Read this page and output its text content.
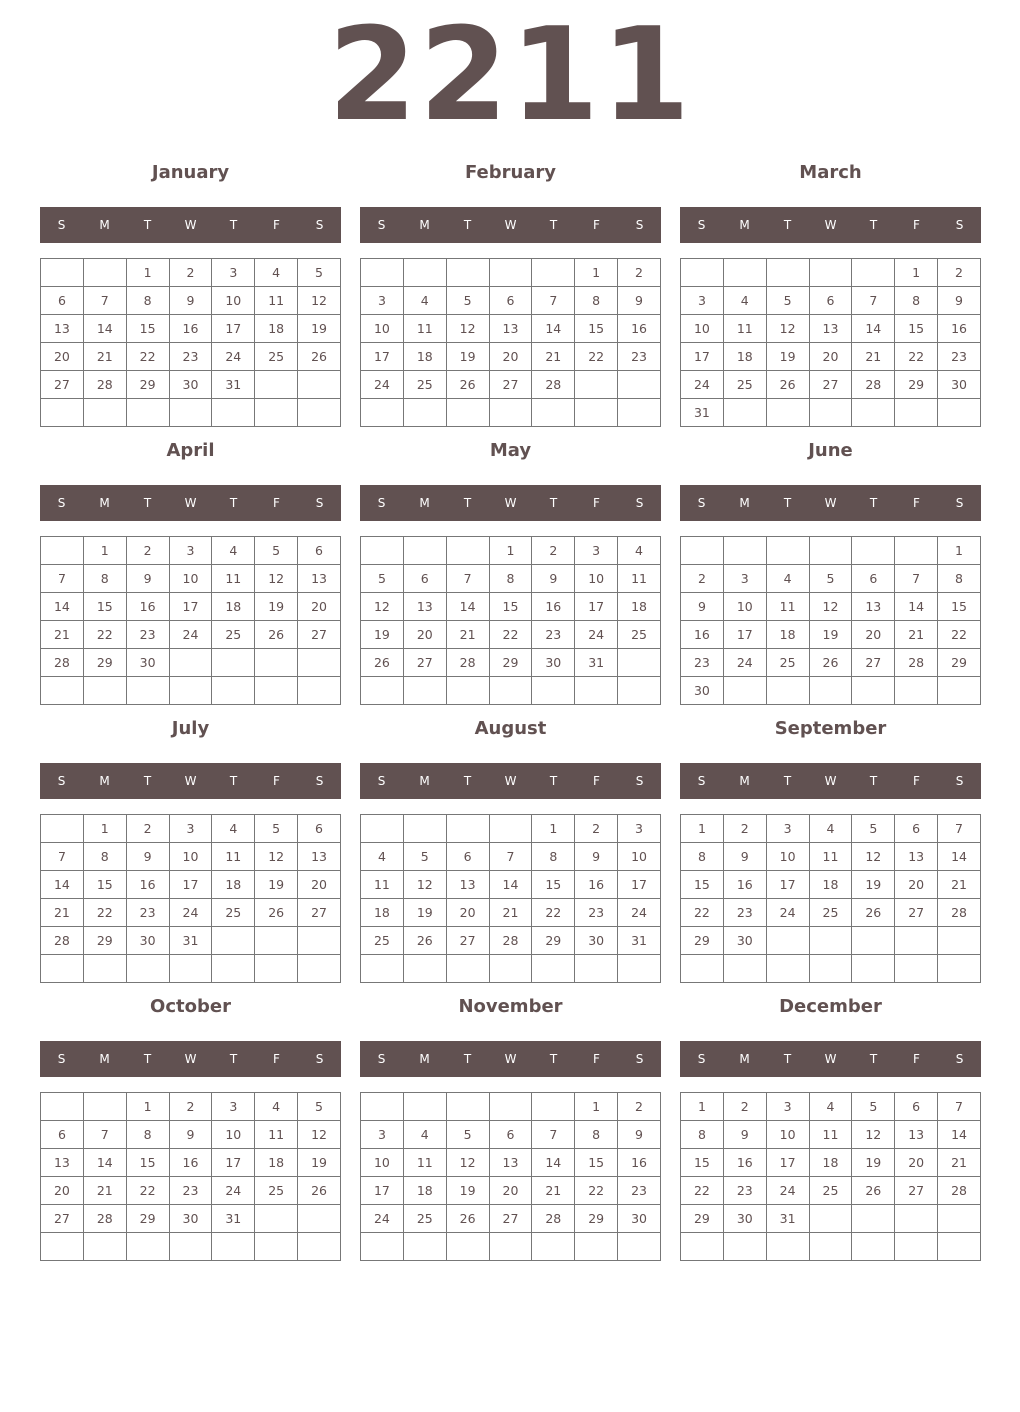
2211
January
S	M	T	W	T	F	S
		1	2	3	4	5
6	7	8	9	10	11	12
13	14	15	16	17	18	19
20	21	22	23	24	25	26
27	28	29	30	31		

February
S	M	T	W	T	F	S
					1	2
3	4	5	6	7	8	9
10	11	12	13	14	15	16
17	18	19	20	21	22	23
24	25	26	27	28		

March
S	M	T	W	T	F	S
					1	2
3	4	5	6	7	8	9
10	11	12	13	14	15	16
17	18	19	20	21	22	23
24	25	26	27	28	29	30
31						
April
S	M	T	W	T	F	S
	1	2	3	4	5	6
7	8	9	10	11	12	13
14	15	16	17	18	19	20
21	22	23	24	25	26	27
28	29	30				

May
S	M	T	W	T	F	S
			1	2	3	4
5	6	7	8	9	10	11
12	13	14	15	16	17	18
19	20	21	22	23	24	25
26	27	28	29	30	31	

June
S	M	T	W	T	F	S
						1
2	3	4	5	6	7	8
9	10	11	12	13	14	15
16	17	18	19	20	21	22
23	24	25	26	27	28	29
30						
July
S	M	T	W	T	F	S
	1	2	3	4	5	6
7	8	9	10	11	12	13
14	15	16	17	18	19	20
21	22	23	24	25	26	27
28	29	30	31			

August
S	M	T	W	T	F	S
				1	2	3
4	5	6	7	8	9	10
11	12	13	14	15	16	17
18	19	20	21	22	23	24
25	26	27	28	29	30	31

September
S	M	T	W	T	F	S
1	2	3	4	5	6	7
8	9	10	11	12	13	14
15	16	17	18	19	20	21
22	23	24	25	26	27	28
29	30					

October
S	M	T	W	T	F	S
		1	2	3	4	5
6	7	8	9	10	11	12
13	14	15	16	17	18	19
20	21	22	23	24	25	26
27	28	29	30	31		

November
S	M	T	W	T	F	S
					1	2
3	4	5	6	7	8	9
10	11	12	13	14	15	16
17	18	19	20	21	22	23
24	25	26	27	28	29	30

December
S	M	T	W	T	F	S
1	2	3	4	5	6	7
8	9	10	11	12	13	14
15	16	17	18	19	20	21
22	23	24	25	26	27	28
29	30	31				
